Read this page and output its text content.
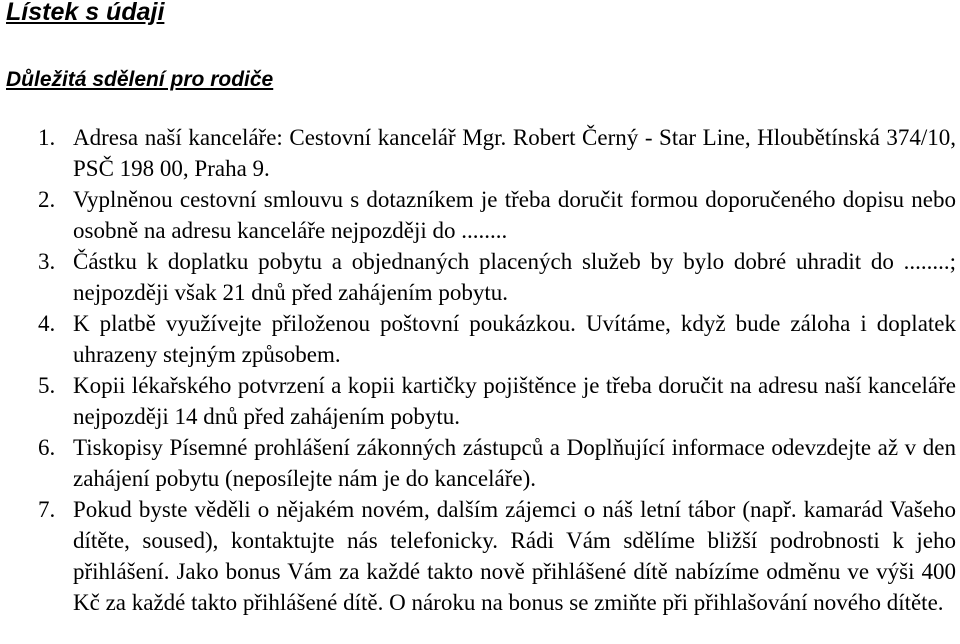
Lístek s údaji
Důležitá sdělení pro rodiče
1. Adresa naší kanceláře: Cestovní kancelář Mgr. Robert Černý - Star Line, Hloubětínská 374/10, PSČ 198 00, Praha 9.
2. Vyplněnou cestovní smlouvu s dotazníkem je třeba doručit formou doporučeného dopisu nebo osobně na adresu kanceláře nejpozději do ........
3. Částku k doplatku pobytu a objednaných placených služeb by bylo dobré uhradit do ........; nejpozději však 21 dnů před zahájením pobytu.
4. K platbě využívejte přiloženou poštovní poukázkou. Uvítáme, když bude záloha i doplatek uhrazeny stejným způsobem.
5. Kopii lékařského potvrzení a kopii kartičky pojištěnce je třeba doručit na adresu naší kanceláře nejpozději 14 dnů před zahájením pobytu.
6. Tiskopisy Písemné prohlášení zákonných zástupců a Doplňující informace odevzdejte až v den zahájení pobytu (neposílejte nám je do kanceláře).
7. Pokud byste věděli o nějakém novém, dalším zájemci o náš letní tábor (např. kamarád Vašeho dítěte, soused), kontaktujte nás telefonicky. Rádi Vám sdělíme bližší podrobnosti k jeho přihlášení. Jako bonus Vám za každé takto nově přihlášené dítě nabízíme odměnu ve výši 400 Kč za každé takto přihlášené dítě. O nároku na bonus se zmiňte při přihlašování nového dítěte.
